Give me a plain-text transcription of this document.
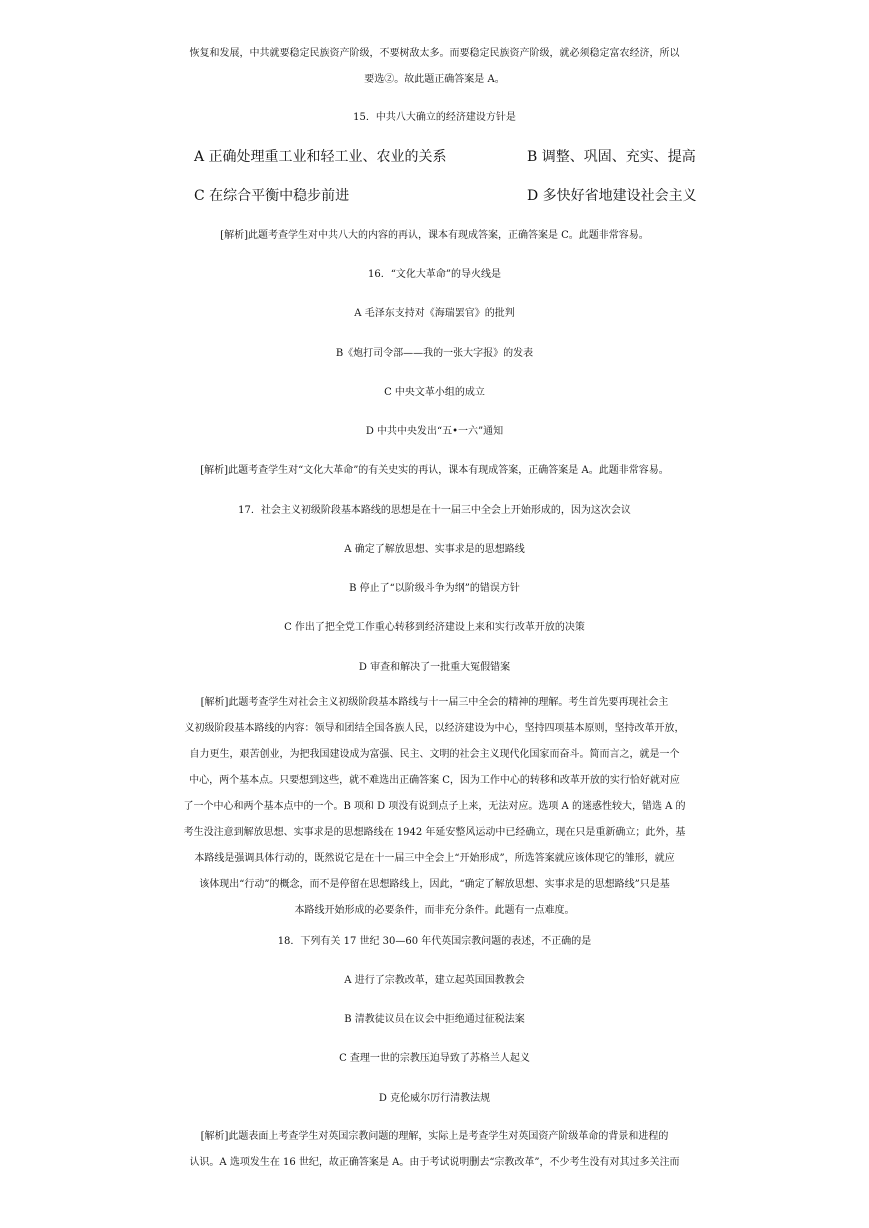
恢复和发展，中共就要稳定民族资产阶级，不要树敌太多。而要稳定民族资产阶级，就必须稳定富农经济，所以
要选②。故此题正确答案是 A。
15．中共八大确立的经济建设方针是
A 正确处理重工业和轻工业、农业的关系	B 调整、巩固、充实、提高
C 在综合平衡中稳步前进	D 多快好省地建设社会主义
[解析]此题考查学生对中共八大的内容的再认，课本有现成答案，正确答案是 C。此题非常容易。
16．“文化大革命”的导火线是
A 毛泽东支持对《海瑞罢官》的批判
B《炮打司令部——我的一张大字报》的发表
C 中央文革小组的成立
D 中共中央发出“五•一六”通知
[解析]此题考查学生对“文化大革命”的有关史实的再认，课本有现成答案，正确答案是 A。此题非常容易。
17．社会主义初级阶段基本路线的思想是在十一届三中全会上开始形成的，因为这次会议
A 确定了解放思想、实事求是的思想路线
B 停止了“以阶级斗争为纲”的错误方针
C 作出了把全党工作重心转移到经济建设上来和实行改革开放的决策
D 审查和解决了一批重大冤假错案
[解析]此题考查学生对社会主义初级阶段基本路线与十一届三中全会的精神的理解。考生首先要再现社会主
义初级阶段基本路线的内容：领导和团结全国各族人民，以经济建设为中心，坚持四项基本原则，坚持改革开放，
自力更生，艰苦创业，为把我国建设成为富强、民主、文明的社会主义现代化国家而奋斗。简而言之，就是一个
中心，两个基本点。只要想到这些，就不难选出正确答案 C，因为工作中心的转移和改革开放的实行恰好就对应
了一个中心和两个基本点中的一个。B 项和 D 项没有说到点子上来，无法对应。选项 A 的迷惑性较大，错选 A 的
考生没注意到解放思想、实事求是的思想路线在 1942 年延安整风运动中已经确立，现在只是重新确立；此外，基
本路线是强调具体行动的，既然说它是在十一届三中全会上“开始形成”，所选答案就应该体现它的雏形，就应
该体现出“行动”的概念，而不是停留在思想路线上，因此，“确定了解放思想、实事求是的思想路线”只是基
本路线开始形成的必要条件，而非充分条件。此题有一点难度。
18．下列有关 17 世纪 30—60 年代英国宗教问题的表述，不正确的是
A 进行了宗教改革，建立起英国国教教会
B 清教徒议员在议会中拒绝通过征税法案
C 查理一世的宗教压迫导致了苏格兰人起义
D 克伦威尔厉行清教法规
[解析]此题表面上考查学生对英国宗教问题的理解，实际上是考查学生对英国资产阶级革命的背景和进程的
认识。A 选项发生在 16 世纪，故正确答案是 A。由于考试说明删去“宗教改革”，不少考生没有对其过多关注而
